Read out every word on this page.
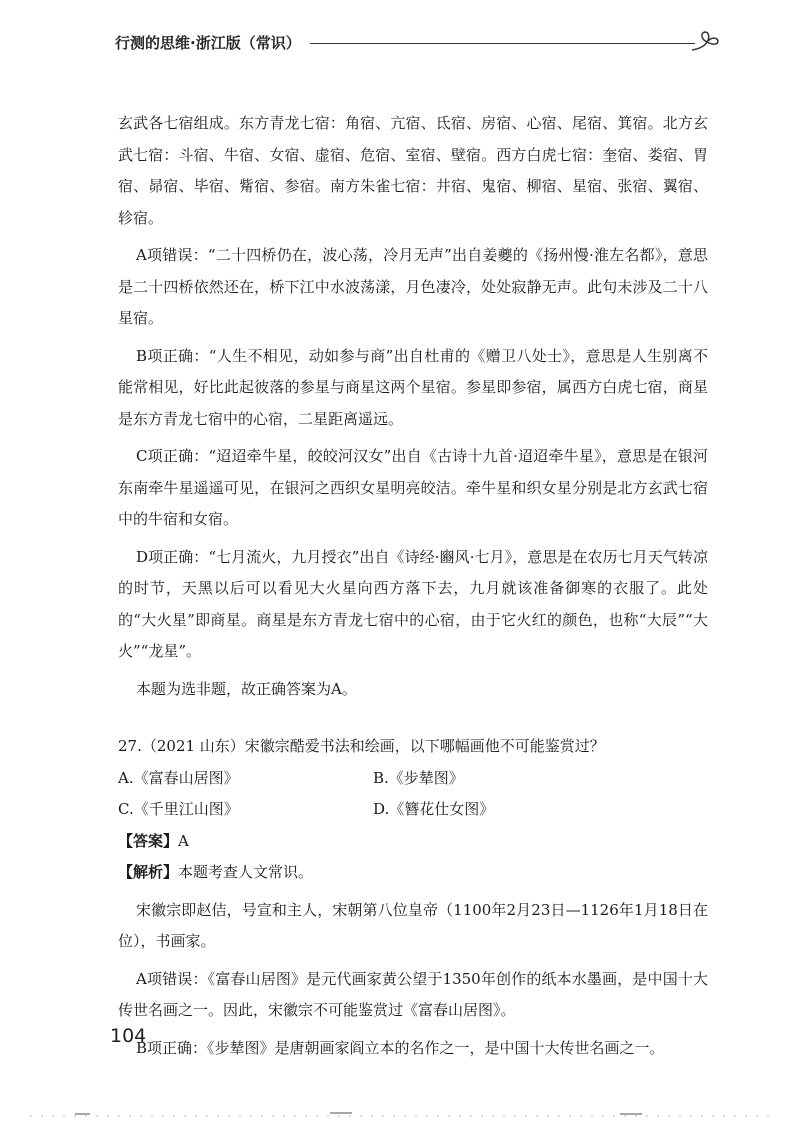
行测的思维·浙江版（常识）

玄武各七宿组成。东方青龙七宿：角宿、亢宿、氐宿、房宿、心宿、尾宿、箕宿。北方玄武七宿：斗宿、牛宿、女宿、虚宿、危宿、室宿、壁宿。西方白虎七宿：奎宿、娄宿、胃宿、昴宿、毕宿、觜宿、参宿。南方朱雀七宿：井宿、鬼宿、柳宿、星宿、张宿、翼宿、轸宿。

A项错误：“二十四桥仍在，波心荡，冷月无声”出自姜夔的《扬州慢·淮左名都》，意思是二十四桥依然还在，桥下江中水波荡漾，月色凄冷，处处寂静无声。此句未涉及二十八星宿。

B项正确：“人生不相见，动如参与商”出自杜甫的《赠卫八处士》，意思是人生别离不能常相见，好比此起彼落的参星与商星这两个星宿。参星即参宿，属西方白虎七宿，商星是东方青龙七宿中的心宿，二星距离遥远。

C项正确：“迢迢牵牛星，皎皎河汉女”出自《古诗十九首·迢迢牵牛星》，意思是在银河东南牵牛星遥遥可见，在银河之西织女星明亮皎洁。牵牛星和织女星分别是北方玄武七宿中的牛宿和女宿。

D项正确：“七月流火，九月授衣”出自《诗经·豳风·七月》，意思是在农历七月天气转凉的时节，天黑以后可以看见大火星向西方落下去，九月就该准备御寒的衣服了。此处的“大火星”即商星。商星是东方青龙七宿中的心宿，由于它火红的颜色，也称“大辰”“大火”“龙星”。

本题为选非题，故正确答案为A。

27.（2021 山东）宋徽宗酷爱书法和绘画，以下哪幅画他不可能鉴赏过？

A.《富春山居图》	B.《步辇图》

C.《千里江山图》	D.《簪花仕女图》

【答案】A

【解析】本题考查人文常识。

宋徽宗即赵佶，号宣和主人，宋朝第八位皇帝（1100年2月23日—1126年1月18日在位），书画家。

A项错误：《富春山居图》是元代画家黄公望于1350年创作的纸本水墨画，是中国十大传世名画之一。因此，宋徽宗不可能鉴赏过《富春山居图》。

B项正确：《步辇图》是唐朝画家阎立本的名作之一，是中国十大传世名画之一。

104
